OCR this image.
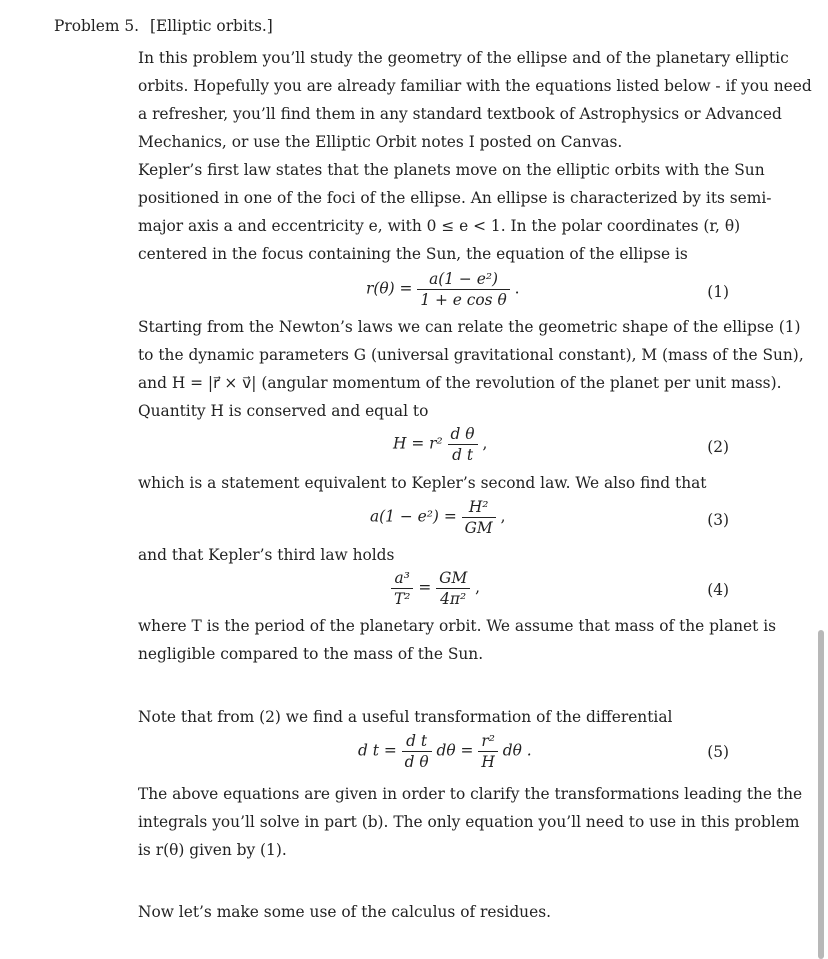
Problem 5. [Elliptic orbits.]

In this problem you’ll study the geometry of the ellipse and of the planetary elliptic
orbits. Hopefully you are already familiar with the equations listed below - if you need
a refresher, you’ll find them in any standard textbook of Astrophysics or Advanced
Mechanics, or use the Elliptic Orbit notes I posted on Canvas.

Kepler’s first law states that the planets move on the elliptic orbits with the Sun
positioned in one of the foci of the ellipse. An ellipse is characterized by its semi-
major axis a and eccentricity e, with 0 ≤ e < 1. In the polar coordinates (r, θ)
centered in the focus containing the Sun, the equation of the ellipse is

$r(\theta) = \frac{\text{a(1 − e²)}}{\text{1 + e cos θ}}$ .	(1)

Starting from the Newton’s laws we can relate the geometric shape of the ellipse (1)
to the dynamic parameters G (universal gravitational constant), M (mass of the Sun),
and H = |r⃗ × v⃗| (angular momentum of the revolution of the planet per unit mass).
Quantity H is conserved and equal to

$H = r^2 \frac{\text{d θ}}{\text{d t}}$ ,	(2)

which is a statement equivalent to Kepler’s second law. We also find that

$a(1 - e^2) = \frac{\text{H²}}{GM}$ ,	(3)

and that Kepler’s third law holds

$\frac{\text{a³}}{\text{T²}} = \frac{GM}{\text{4π²}}$ ,	(4)

where T is the period of the planetary orbit. We assume that mass of the planet is
negligible compared to the mass of the Sun.

Note that from (2) we find a useful transformation of the differential

d $t = \frac{\text{d t}}{\text{d θ}}$ $d\theta = \frac{\text{r²}}{H}$ dθ .	(5)

The above equations are given in order to clarify the transformations leading the the
integrals you’ll solve in part (b). The only equation you’ll need to use in this problem
is r(θ) given by (1).

Now let’s make some use of the calculus of residues.
